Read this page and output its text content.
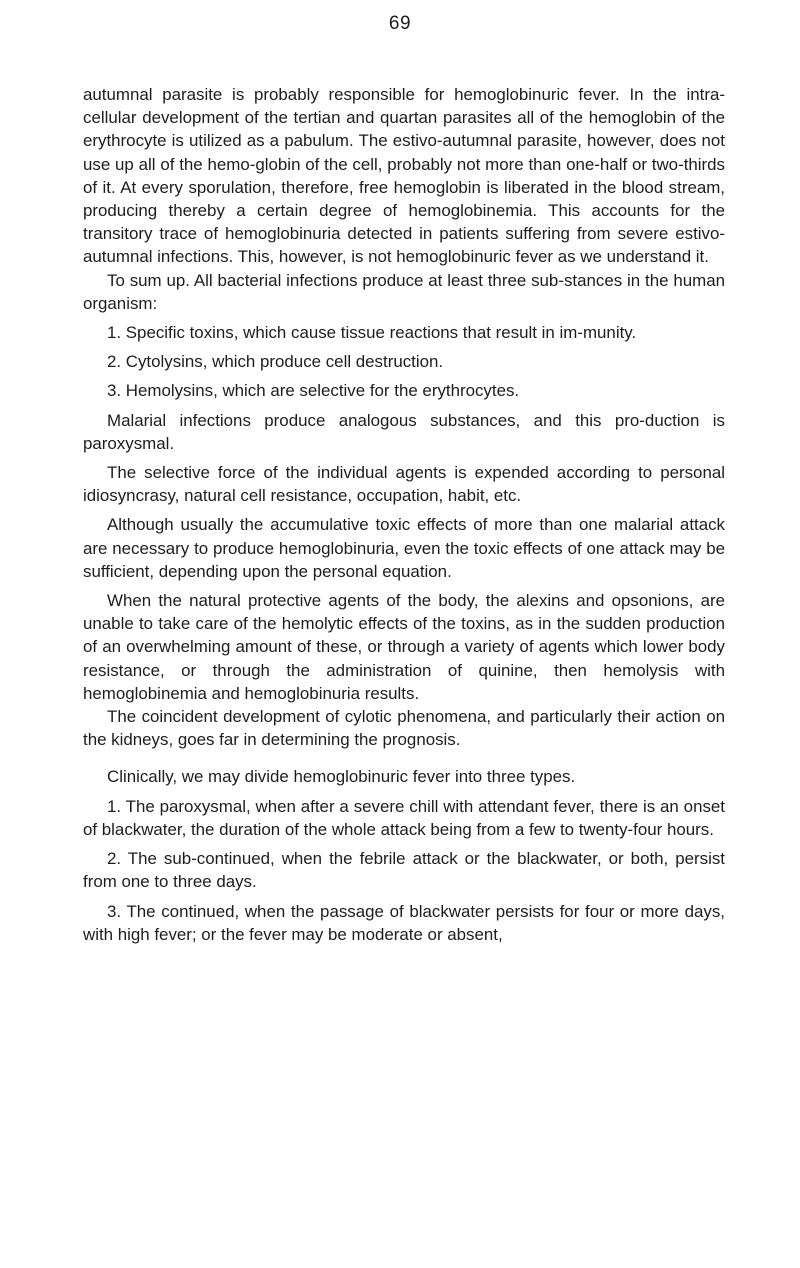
69

autumnal parasite is probably responsible for hemoglobinuric fever. In the intra-cellular development of the tertian and quartan parasites all of the hemoglobin of the erythrocyte is utilized as a pabulum. The estivo-autumnal parasite, however, does not use up all of the hemo-globin of the cell, probably not more than one-half or two-thirds of it. At every sporulation, therefore, free hemoglobin is liberated in the blood stream, producing thereby a certain degree of hemoglobinemia. This accounts for the transitory trace of hemoglobinuria detected in patients suffering from severe estivo-autumnal infections. This, however, is not hemoglobinuric fever as we understand it.

To sum up. All bacterial infections produce at least three sub-stances in the human organism:

1. Specific toxins, which cause tissue reactions that result in im-munity.

2. Cytolysins, which produce cell destruction.

3. Hemolysins, which are selective for the erythrocytes.

Malarial infections produce analogous substances, and this pro-duction is paroxysmal.

The selective force of the individual agents is expended according to personal idiosyncrasy, natural cell resistance, occupation, habit, etc.

Although usually the accumulative toxic effects of more than one malarial attack are necessary to produce hemoglobinuria, even the toxic effects of one attack may be sufficient, depending upon the personal equation.

When the natural protective agents of the body, the alexins and opsonions, are unable to take care of the hemolytic effects of the toxins, as in the sudden production of an overwhelming amount of these, or through a variety of agents which lower body resistance, or through the administration of quinine, then hemolysis with hemoglobinemia and hemoglobinuria results.

The coincident development of cylotic phenomena, and particularly their action on the kidneys, goes far in determining the prognosis.

Clinically, we may divide hemoglobinuric fever into three types.

1. The paroxysmal, when after a severe chill with attendant fever, there is an onset of blackwater, the duration of the whole attack being from a few to twenty-four hours.

2. The sub-continued, when the febrile attack or the blackwater, or both, persist from one to three days.

3. The continued, when the passage of blackwater persists for four or more days, with high fever; or the fever may be moderate or absent,
